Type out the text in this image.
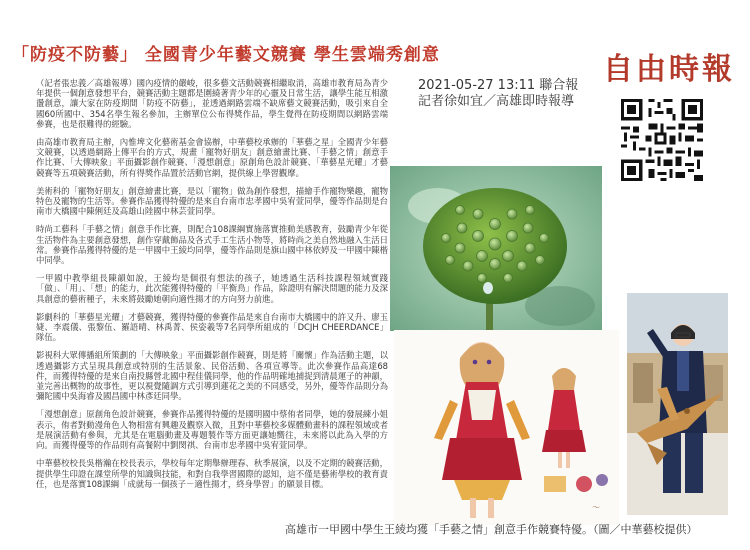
「防疫不防藝」 全國青少年藝文競賽 學生雲端秀創意	自由時報
2021-05-27 13:11 聯合報
記者徐如宜／高雄即時報導

（記者張忠義／高雄報導）國內疫情的嚴峻，很多藝文活動競賽相繼取消，高雄市教育局為青少年提供一個創意發想平台，競賽活動主題都是圍繞著青少年的心靈及日常生活，讓學生能互相激盪創意，讓大家在防疫期間「防疫不防藝」，並透過網路雲端不缺席藝文競賽活動，吸引來自全國60所國中、354名學生報名參加，主辦單位公布得獎作品，學生覺得在防疫期間以網路雲端參賽，也是很難得的經驗。

由高雄市教育局主辦，內惟埤文化藝術基金會協辦，中華藝校承辦的「華藝之星」全國青少年藝文競賽，以透過網路上傳平台的方式，規畫「寵物好朋友」創意繪畫比賽、「手藝之情」創意手作比賽、「大傳映象」平面攝影創作競賽、「漫想創意」原創角色設計競賽、「華藝星光耀」才藝競賽等五項競賽活動，所有得獎作品置於活動官網，提供線上學習觀摩。

美術科的「寵物好朋友」創意繪畫比賽，是以「寵物」做為創作發想，描繪手作寵物樂趣，寵物特色及寵物的生活等。參賽作品獲得特優的是來自台南市忠孝國中吳宥萱同學，優等作品則是台南市大橋國中陳俐廷及高雄山陸國中林芸萱同學。

時尚工藝科「手藝之情」創意手作比賽，則配合108課綱實施落實推動美感教育，鼓勵青少年從生活物件為主要創意發想，創作穿戴飾品及各式手工生活小物等，將時尚之美自然地融入生活日常。參賽作品獲得特優的是一甲國中王綾均同學，優等作品則是旗山國中林依婷及一甲國中陳楷中同學。

一甲國中教學組長陳韻如說，王綾均是個很有想法的孩子，她透過生活科技課程領域實踐「做」、「用」、「想」的能力，此次能獲得特優的「平衡鳥」作品，除證明有解決問題的能力及深具創意的藝術種子，未來將鼓勵她朝向適性揚才的方向努力前進。

影劇科的「華藝星光耀」才藝競賽，獲得特優的參賽作品是來自台南市大橋國中的許又升、廖玉婕、李震儀、張黎伍、羅語晴、林禹菁、侯姿羲等7名同學所組成的「DCJH CHEERDANCE」隊伍。

影視科大眾傳播組所策劃的「大傳映象」平面攝影創作競賽，則是將「關懷」作為活動主題，以透過攝影方式呈現具創意或特別的生活景象、民俗活動、各項宣導等。此次參賽作品高達68件，而獲得特優的是來自南投縣營北國中程佳儀同學，他的作品明確地捕捉到清晨運子的神韻，並完善出概物的故事性，更以視覺隨調方式引導到蓮花之美的不同感受，另外，優等作品則分為彌陀國中吳海睿及國昌國中林彥廷同學。

「漫想創意」原創角色設計競賽，參賽作品獲得特優的是國明國中蔡侑者同學，她的發展練小姐表示，侑者對動漫角色人物相當有興趣及觀察入微，且對中華藝校多媒體動畫科的課程領域或者是展演活動有參與，尤其是在電腦動畫及專題製作等方面更讓她嚮往，未來將以此為入學的方向。而獲得優等的作品則有高餐附中劉閔祺、台南市忠孝國中吳宥萱同學。

中華藝校校長吳楷瀚在校長表示，學校每年定期舉辦理春、秋季展演，以及不定期的競賽活動，提供學生印證在課堂所學的知識與技能，和對自我學習國際的認知，這不僅是藝術學校的教育責任，也是落實108課綱「成就每一個孩子－適性揚才，終身學習」的願景目標。

〜
高雄市一甲國中學生王綾均獲「手藝之情」創意手作競賽特優。（圖／中華藝校提供）
